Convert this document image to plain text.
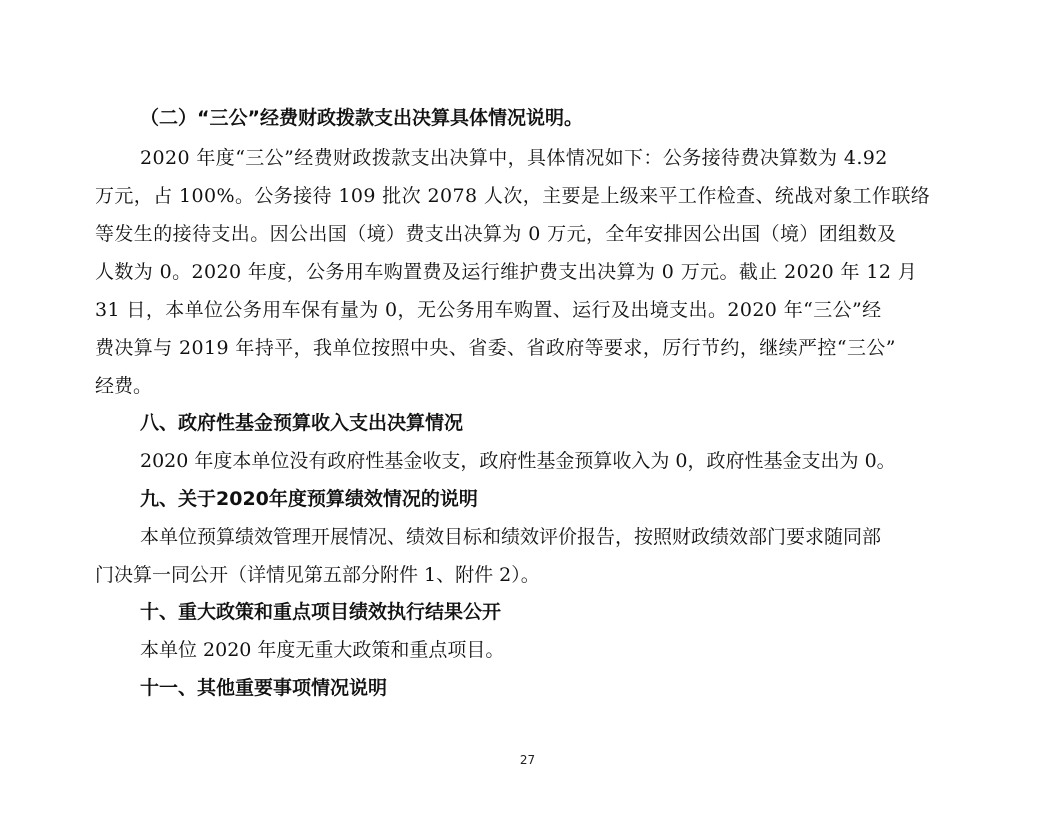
（二）“三公”经费财政拨款支出决算具体情况说明。
2020 年度“三公”经费财政拨款支出决算中，具体情况如下：公务接待费决算数为 4.92
万元，占 100%。公务接待 109 批次 2078 人次，主要是上级来平工作检查、统战对象工作联络
等发生的接待支出。因公出国（境）费支出决算为 0 万元，全年安排因公出国（境）团组数及
人数为 0。2020 年度，公务用车购置费及运行维护费支出决算为 0 万元。截止 2020 年 12 月
31 日，本单位公务用车保有量为 0，无公务用车购置、运行及出境支出。2020 年“三公”经
费决算与 2019 年持平，我单位按照中央、省委、省政府等要求，厉行节约，继续严控“三公”
经费。
八、政府性基金预算收入支出决算情况
2020 年度本单位没有政府性基金收支，政府性基金预算收入为 0，政府性基金支出为 0。
九、关于2020年度预算绩效情况的说明
本单位预算绩效管理开展情况、绩效目标和绩效评价报告，按照财政绩效部门要求随同部
门决算一同公开（详情见第五部分附件 1、附件 2）。
十、重大政策和重点项目绩效执行结果公开
本单位 2020 年度无重大政策和重点项目。
十一、其他重要事项情况说明
27
